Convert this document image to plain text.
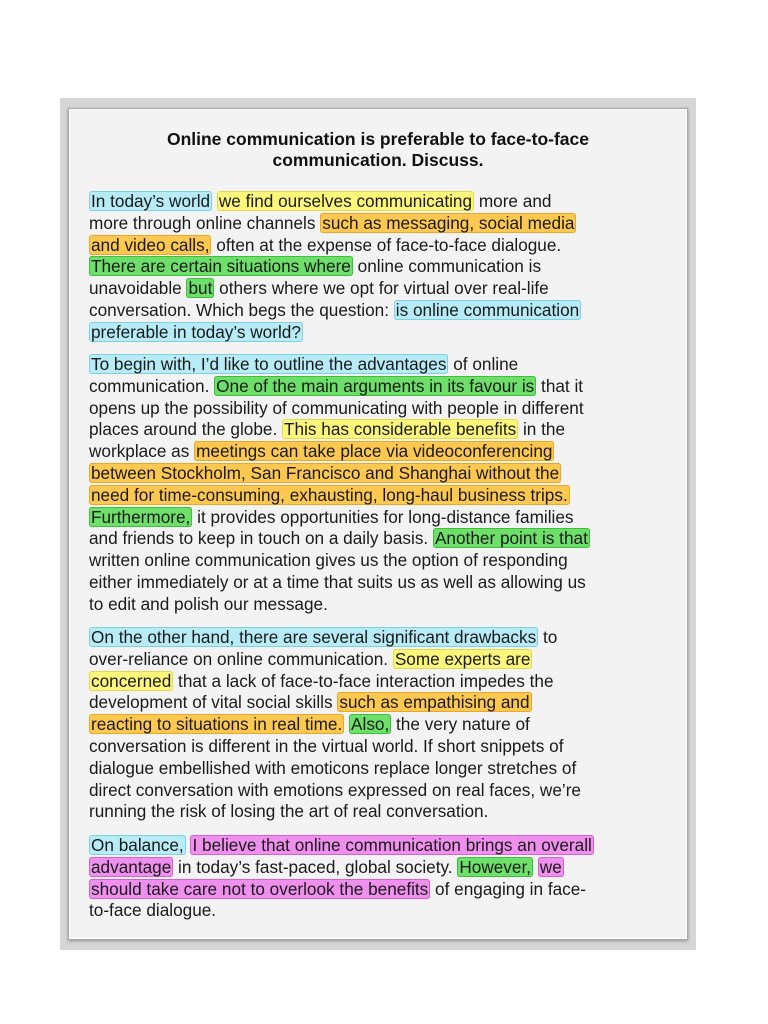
Online communication is preferable to face-to-face
communication. Discuss.
In today’s world we find ourselves communicating more and
more through online channels such as messaging, social media
and video calls, often at the expense of face-to-face dialogue.
There are certain situations where online communication is
unavoidable but others where we opt for virtual over real-life
conversation. Which begs the question: is online communication
preferable in today’s world?
To begin with, I’d like to outline the advantages of online
communication. One of the main arguments in its favour is that it
opens up the possibility of communicating with people in different
places around the globe. This has considerable benefits in the
workplace as meetings can take place via videoconferencing
between Stockholm, San Francisco and Shanghai without the
need for time-consuming, exhausting, long-haul business trips.
Furthermore, it provides opportunities for long-distance families
and friends to keep in touch on a daily basis. Another point is that
written online communication gives us the option of responding
either immediately or at a time that suits us as well as allowing us
to edit and polish our message.
On the other hand, there are several significant drawbacks to
over-reliance on online communication. Some experts are
concerned that a lack of face-to-face interaction impedes the
development of vital social skills such as empathising and
reacting to situations in real time. Also, the very nature of
conversation is different in the virtual world. If short snippets of
dialogue embellished with emoticons replace longer stretches of
direct conversation with emotions expressed on real faces, we’re
running the risk of losing the art of real conversation.
On balance, I believe that online communication brings an overall
advantage in today’s fast-paced, global society. However, we
should take care not to overlook the benefits of engaging in face-
to-face dialogue.
